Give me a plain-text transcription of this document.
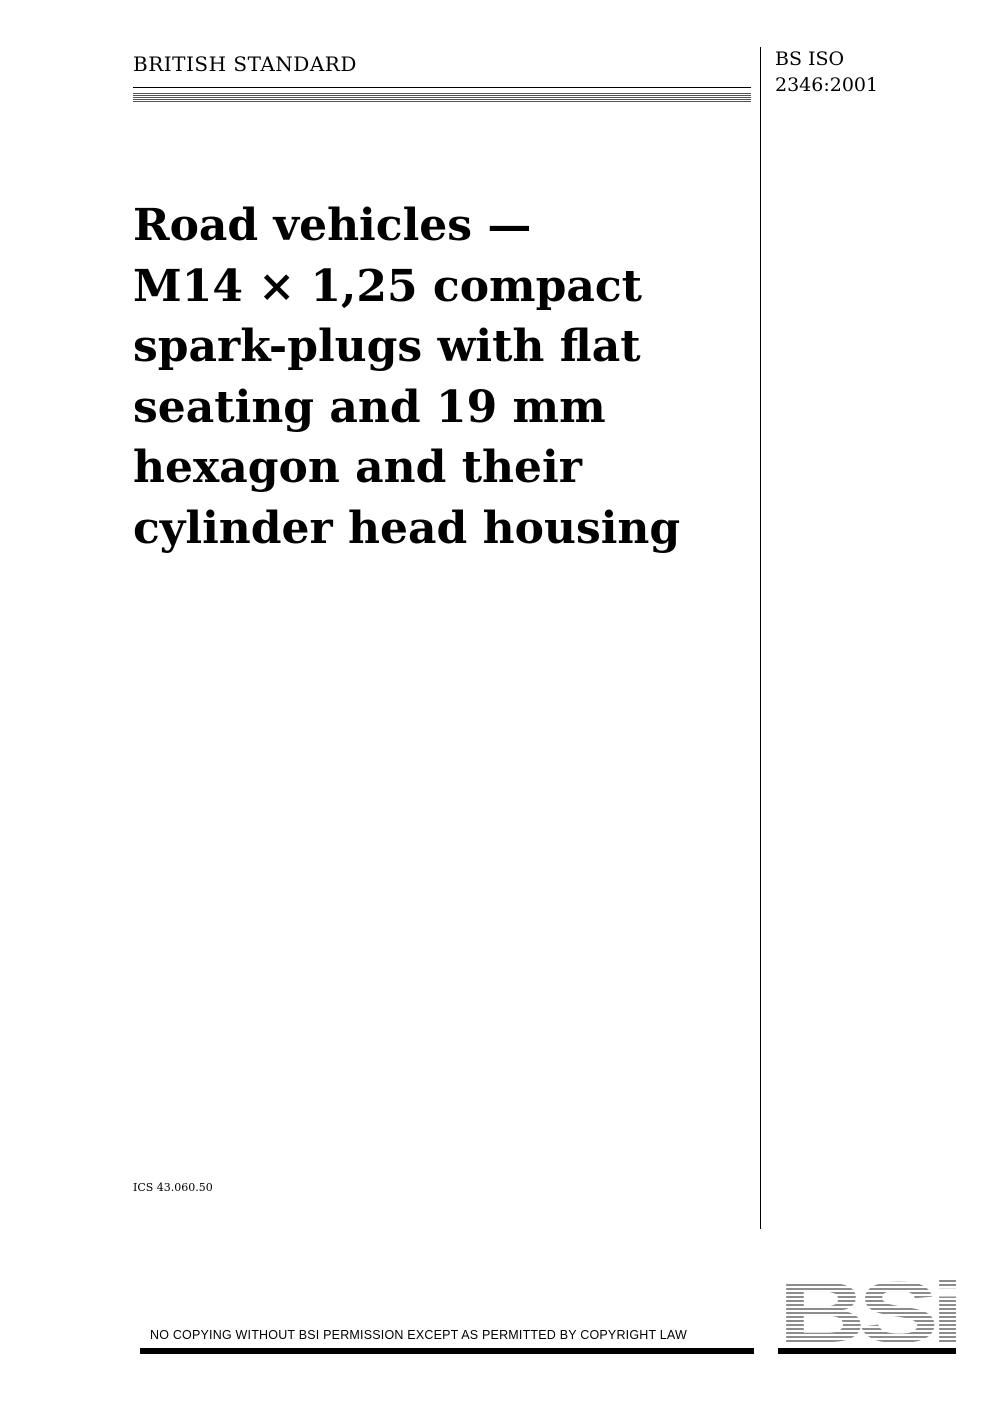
BRITISH STANDARD	BS ISO
2346:2001
Road vehicles —
M14 × 1,25 compact
spark-plugs with flat
seating and 19 mm
hexagon and their
cylinder head housing
ICS 43.060.50
NO COPYING WITHOUT BSI PERMISSION EXCEPT AS PERMITTED BY COPYRIGHT LAW
